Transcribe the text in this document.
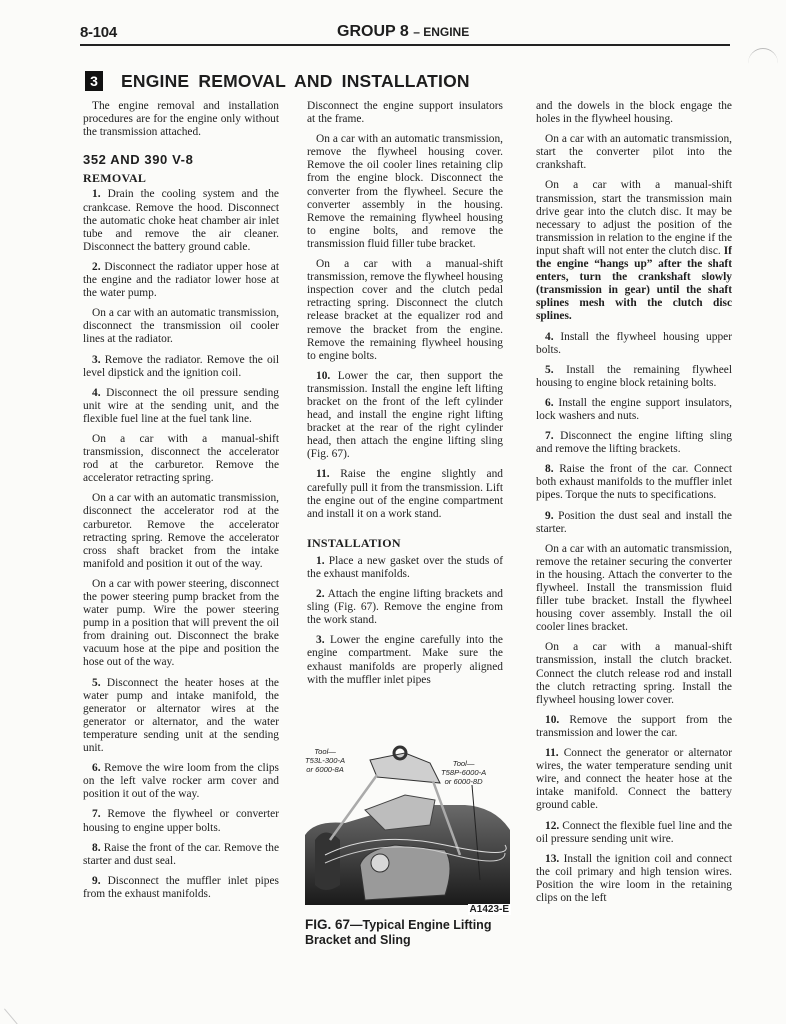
8-104	GROUP 8 – ENGINE
3 ENGINE REMOVAL AND INSTALLATION

The engine removal and installation procedures are for the engine only without the transmission attached.

352 AND 390 V-8
REMOVAL

1. Drain the cooling system and the crankcase. Remove the hood. Disconnect the automatic choke heat chamber air inlet tube and remove the air cleaner. Disconnect the battery ground cable.

2. Disconnect the radiator upper hose at the engine and the radiator lower hose at the water pump.

On a car with an automatic transmission, disconnect the transmission oil cooler lines at the radiator.

3. Remove the radiator. Remove the oil level dipstick and the ignition coil.

4. Disconnect the oil pressure sending unit wire at the sending unit, and the flexible fuel line at the fuel tank line.

On a car with a manual-shift transmission, disconnect the accelerator rod at the carburetor. Remove the accelerator retracting spring.

On a car with an automatic transmission, disconnect the accelerator rod at the carburetor. Remove the accelerator retracting spring. Remove the accelerator cross shaft bracket from the intake manifold and position it out of the way.

On a car with power steering, disconnect the power steering pump bracket from the water pump. Wire the power steering pump in a position that will prevent the oil from draining out. Disconnect the brake vacuum hose at the pipe and position the hose out of the way.

5. Disconnect the heater hoses at the water pump and intake manifold, the generator or alternator wires at the generator or alternator, and the water temperature sending unit at the sending unit.

6. Remove the wire loom from the clips on the left valve rocker arm cover and position it out of the way.

7. Remove the flywheel or converter housing to engine upper bolts.

8. Raise the front of the car. Remove the starter and dust seal.

9. Disconnect the muffler inlet pipes from the exhaust manifolds.

Disconnect the engine support insulators at the frame.

On a car with an automatic transmission, remove the flywheel housing cover. Remove the oil cooler lines retaining clip from the engine block. Disconnect the converter from the flywheel. Secure the converter assembly in the housing. Remove the remaining flywheel housing to engine bolts, and remove the transmission fluid filler tube bracket.

On a car with a manual-shift transmission, remove the flywheel housing inspection cover and the clutch pedal retracting spring. Disconnect the clutch release bracket at the equalizer rod and remove the bracket from the engine. Remove the remaining flywheel housing to engine bolts.

10. Lower the car, then support the transmission. Install the engine left lifting bracket on the front of the left cylinder head, and install the engine right lifting bracket at the rear of the right cylinder head, then attach the engine lifting sling (Fig. 67).

11. Raise the engine slightly and carefully pull it from the transmission. Lift the engine out of the engine compartment and install it on a work stand.

INSTALLATION

1. Place a new gasket over the studs of the exhaust manifolds.

2. Attach the engine lifting brackets and sling (Fig. 67). Remove the engine from the work stand.

3. Lower the engine carefully into the engine compartment. Make sure the exhaust manifolds are properly aligned with the muffler inlet pipes

Tool—
T53L-300-A
or 6000-8A
Tool—
T58P-6000-A
or 6000-8D
A1423-E
FIG. 67—Typical Engine Lifting Bracket and Sling

and the dowels in the block engage the holes in the flywheel housing.

On a car with an automatic transmission, start the converter pilot into the crankshaft.

On a car with a manual-shift transmission, start the transmission main drive gear into the clutch disc. It may be necessary to adjust the position of the transmission in relation to the engine if the input shaft will not enter the clutch disc. If the engine “hangs up” after the shaft enters, turn the crankshaft slowly (transmission in gear) until the shaft splines mesh with the clutch disc splines.

4. Install the flywheel housing upper bolts.

5. Install the remaining flywheel housing to engine block retaining bolts.

6. Install the engine support insulators, lock washers and nuts.

7. Disconnect the engine lifting sling and remove the lifting brackets.

8. Raise the front of the car. Connect both exhaust manifolds to the muffler inlet pipes. Torque the nuts to specifications.

9. Position the dust seal and install the starter.

On a car with an automatic transmission, remove the retainer securing the converter in the housing. Attach the converter to the flywheel. Install the transmission fluid filler tube bracket. Install the flywheel housing cover assembly. Install the oil cooler lines bracket.

On a car with a manual-shift transmission, install the clutch bracket. Connect the clutch release rod and install the clutch retracting spring. Install the flywheel housing lower cover.

10. Remove the support from the transmission and lower the car.

11. Connect the generator or alternator wires, the water temperature sending unit wire, and connect the heater hose at the intake manifold. Connect the battery ground cable.

12. Connect the flexible fuel line and the oil pressure sending unit wire.

13. Install the ignition coil and connect the coil primary and high tension wires. Position the wire loom in the retaining clips on the left
